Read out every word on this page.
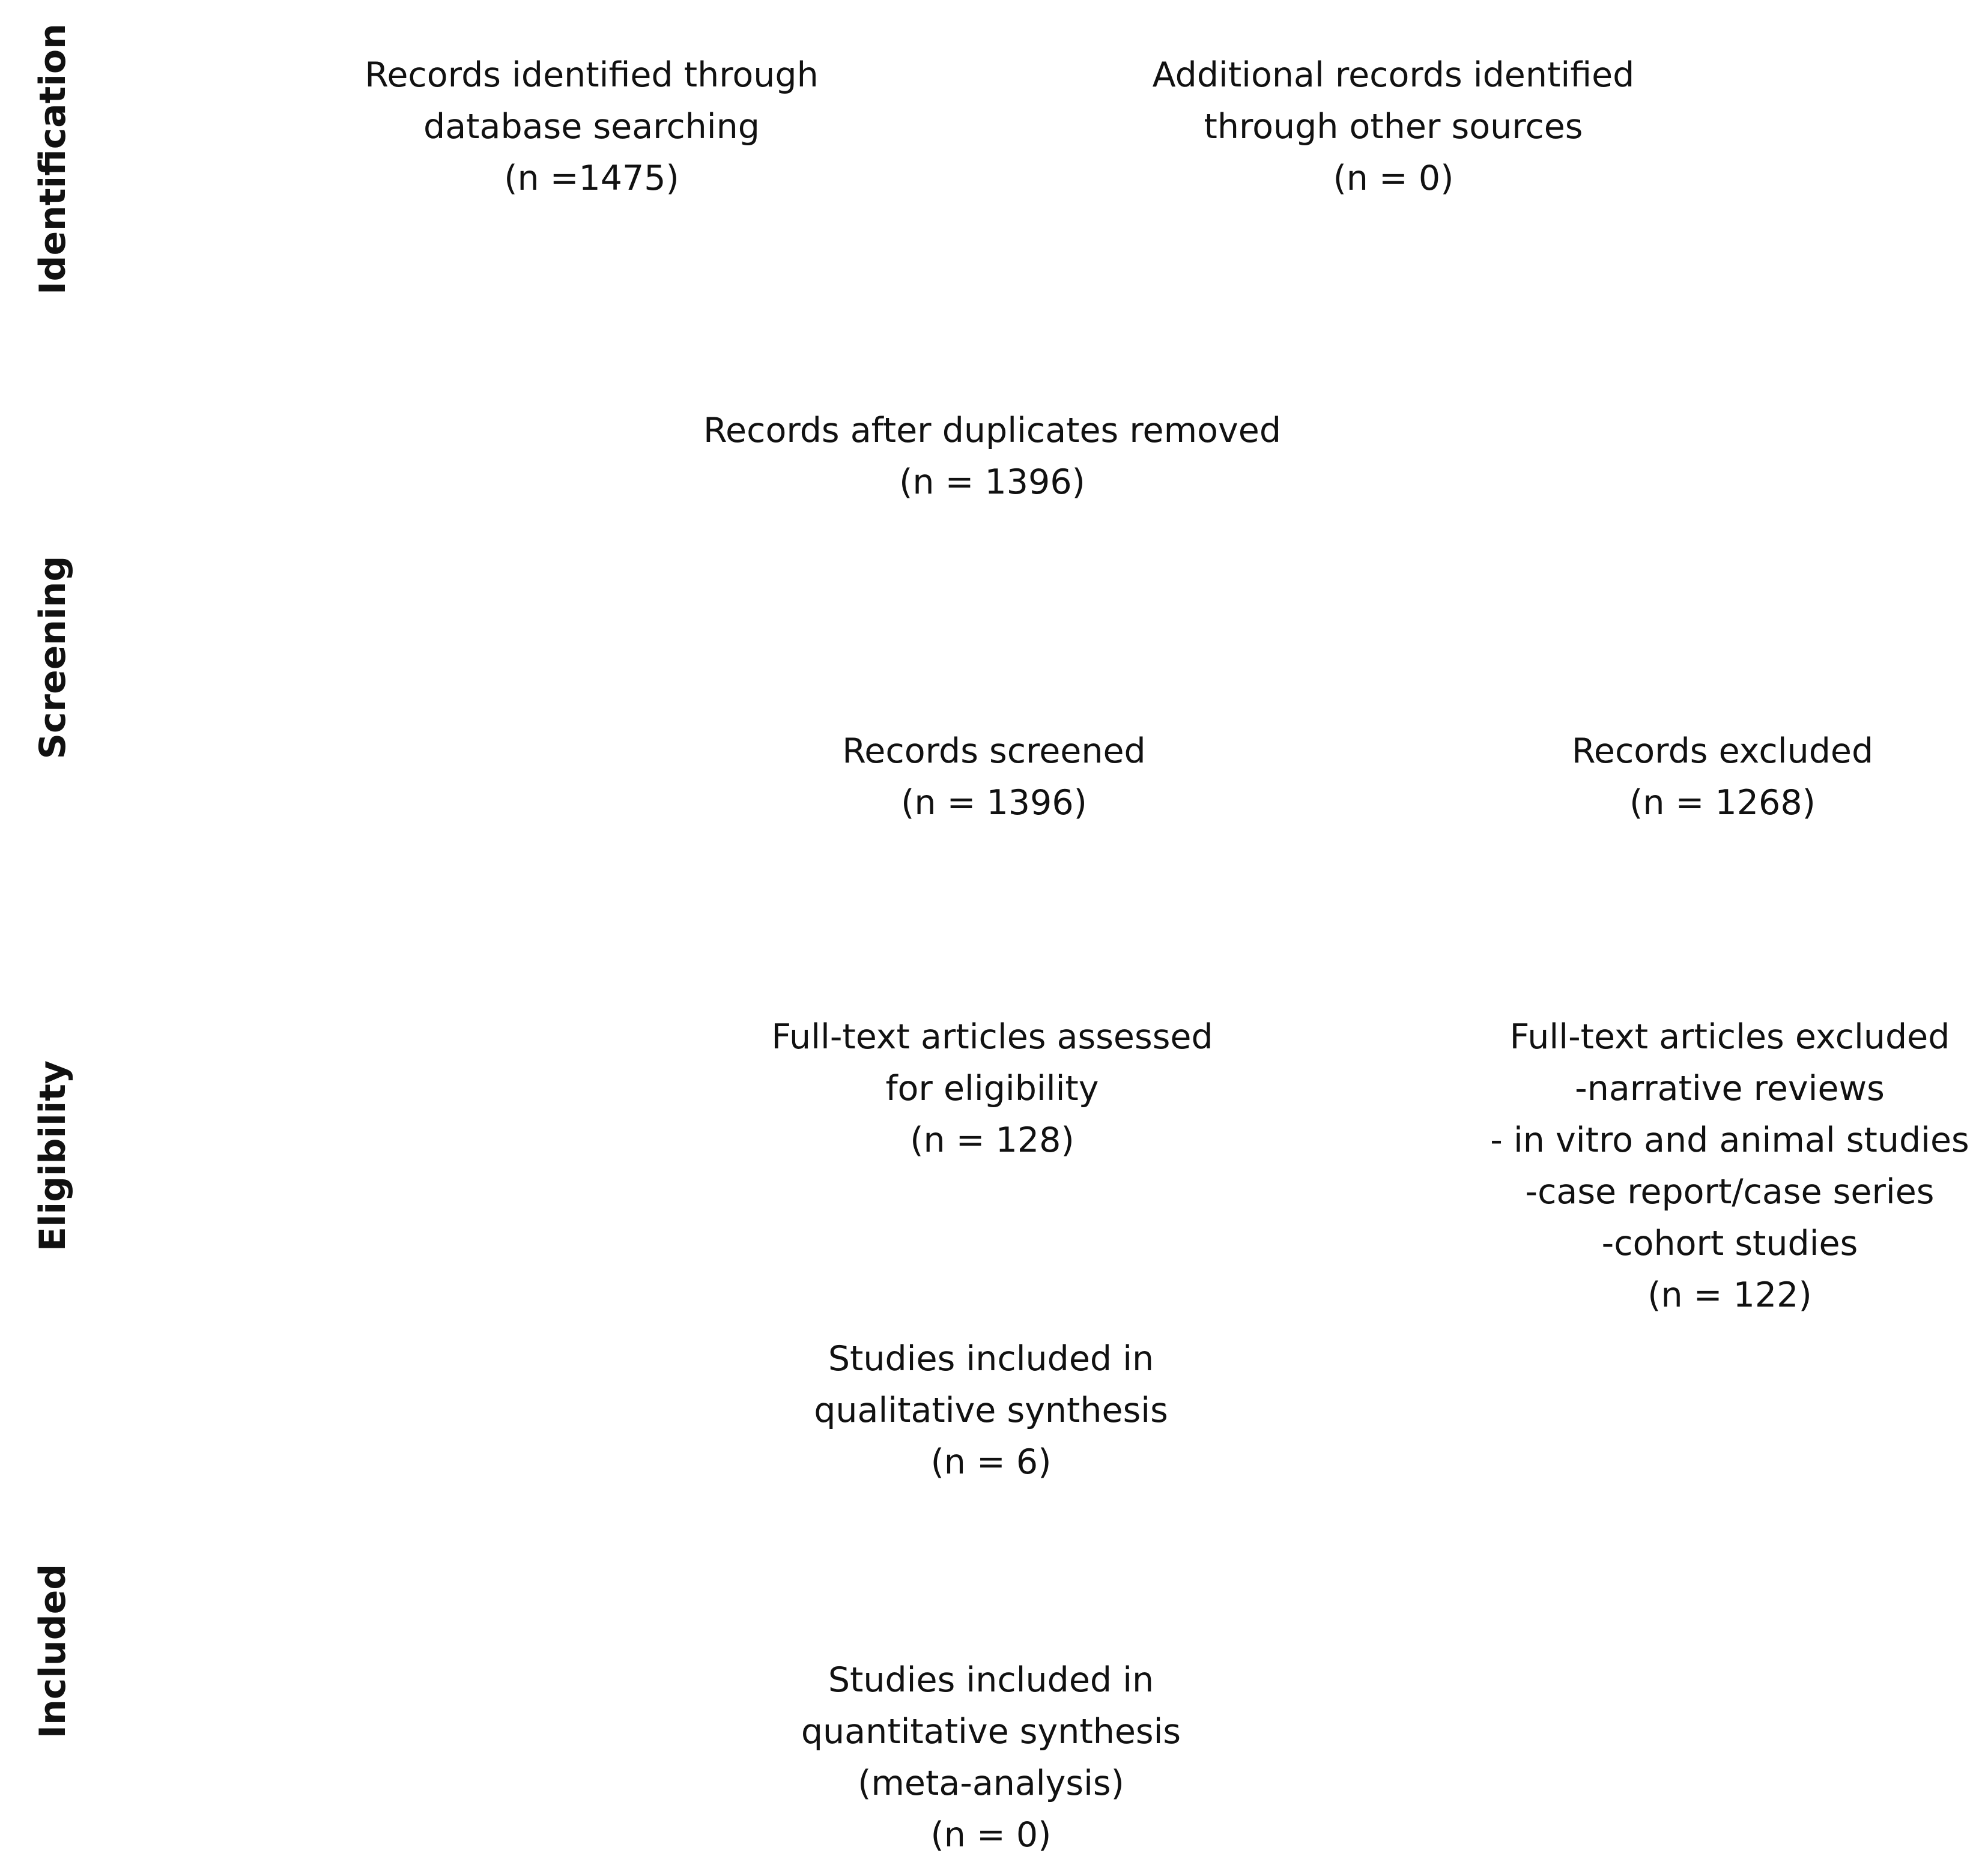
Identification
Screening
Eligibility
Included
Records identified through
database searching
(n =1475)
Additional records identified
through other sources
(n = 0)
Records after duplicates removed
(n = 1396)
Records screened
(n = 1396)
Records excluded
(n = 1268)
Full-text articles assessed
for eligibility
(n = 128)
Full-text articles excluded
-narrative reviews
- in vitro and animal studies
-case report/case series
-cohort studies
(n = 122)
Studies included in
qualitative synthesis
(n = 6)
Studies included in
quantitative synthesis
(meta-analysis)
(n = 0)
